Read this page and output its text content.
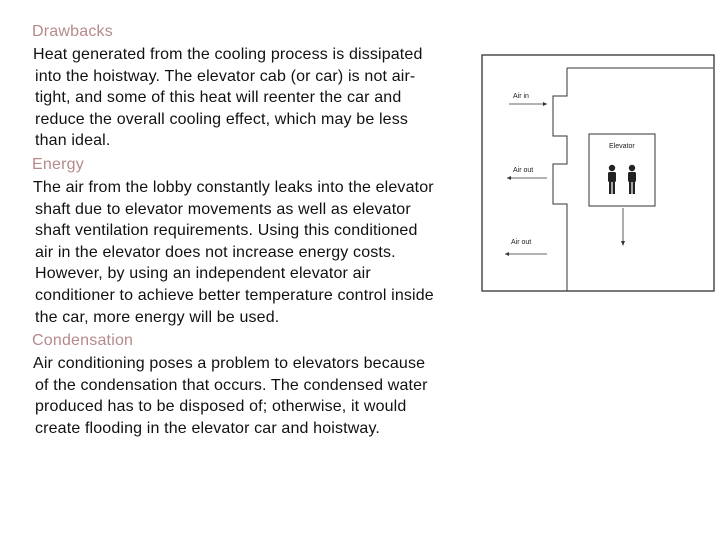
Drawbacks

Heat generated from the cooling process is dissipated
into the hoistway. The elevator cab (or car) is not air-
tight, and some of this heat will reenter the car and
reduce the overall cooling effect, which may be less
than ideal.

Energy

The air from the lobby constantly leaks into the elevator
shaft due to elevator movements as well as elevator
shaft ventilation requirements. Using this conditioned
air in the elevator does not increase energy costs.
However, by using an independent elevator air
conditioner to achieve better temperature control inside
the car, more energy will be used.

Condensation

Air conditioning poses a problem to elevators because
of the condensation that occurs. The condensed water
produced has to be disposed of; otherwise, it would
create flooding in the elevator car and hoistway.

Air in
Air out
Air out
Elevator
